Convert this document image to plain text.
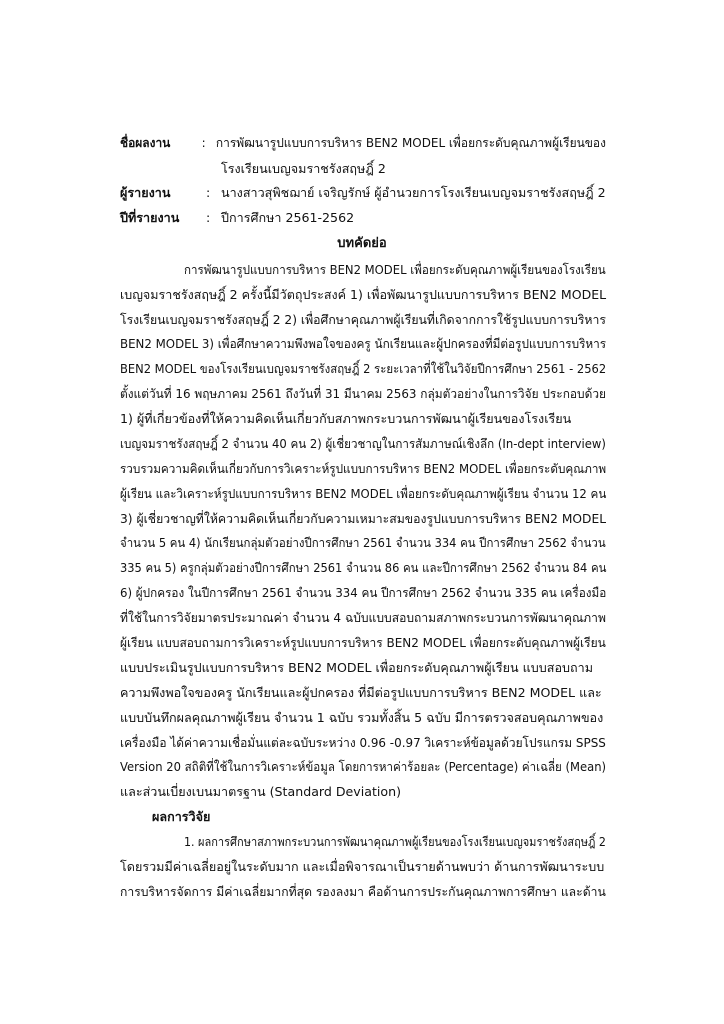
ชื่อผลงาน : การพัฒนารูปแบบการบริหาร BEN2 MODEL เพื่อยกระดับคุณภาพผู้เรียนของ
โรงเรียนเบญจมราชรังสฤษฎิ์ 2
ผู้รายงาน	: นางสาวสุพิชฌาย์ เจริญรักษ์ ผู้อำนวยการโรงเรียนเบญจมราชรังสฤษฎิ์ 2
ปีที่รายงาน : ปีการศึกษา 2561-2562
บทคัดย่อ
การพัฒนารูปแบบการบริหาร BEN2 MODEL เพื่อยกระดับคุณภาพผู้เรียนของโรงเรียน
เบญจมราชรังสฤษฎิ์ 2 ครั้งนี้มีวัตถุประสงค์ 1) เพื่อพัฒนารูปแบบการบริหาร BEN2 MODEL
โรงเรียนเบญจมราชรังสฤษฎิ์ 2 2) เพื่อศึกษาคุณภาพผู้เรียนที่เกิดจากการใช้รูปแบบการบริหาร
BEN2 MODEL 3) เพื่อศึกษาความพึงพอใจของครู นักเรียนและผู้ปกครองที่มีต่อรูปแบบการบริหาร
BEN2 MODEL ของโรงเรียนเบญจมราชรังสฤษฎิ์ 2 ระยะเวลาที่ใช้ในวิจัยปีการศึกษา 2561 - 2562
ตั้งแต่วันที่ 16 พฤษภาคม 2561 ถึงวันที่ 31 มีนาคม 2563 กลุ่มตัวอย่างในการวิจัย ประกอบด้วย
1) ผู้ที่เกี่ยวข้องที่ให้ความคิดเห็นเกี่ยวกับสภาพกระบวนการพัฒนาผู้เรียนของโรงเรียน
เบญจมราชรังสฤษฎิ์ 2 จำนวน 40 คน 2) ผู้เชี่ยวชาญในการสัมภาษณ์เชิงลึก (In-dept interview)
รวบรวมความคิดเห็นเกี่ยวกับการวิเคราะห์รูปแบบการบริหาร BEN2 MODEL เพื่อยกระดับคุณภาพ
ผู้เรียน และวิเคราะห์รูปแบบการบริหาร BEN2 MODEL เพื่อยกระดับคุณภาพผู้เรียน จำนวน 12 คน
3) ผู้เชี่ยวชาญที่ให้ความคิดเห็นเกี่ยวกับความเหมาะสมของรูปแบบการบริหาร BEN2 MODEL
จำนวน 5 คน 4) นักเรียนกลุ่มตัวอย่างปีการศึกษา 2561 จำนวน 334 คน ปีการศึกษา 2562 จำนวน
335 คน 5) ครูกลุ่มตัวอย่างปีการศึกษา 2561 จำนวน 86 คน และปีการศึกษา 2562 จำนวน 84 คน
6) ผู้ปกครอง ในปีการศึกษา 2561 จำนวน 334 คน ปีการศึกษา 2562 จำนวน 335 คน เครื่องมือ
ที่ใช้ในการวิจัยมาตรประมาณค่า จำนวน 4 ฉบับแบบสอบถามสภาพกระบวนการพัฒนาคุณภาพ
ผู้เรียน แบบสอบถามการวิเคราะห์รูปแบบการบริหาร BEN2 MODEL เพื่อยกระดับคุณภาพผู้เรียน
แบบประเมินรูปแบบการบริหาร BEN2 MODEL เพื่อยกระดับคุณภาพผู้เรียน แบบสอบถาม
ความพึงพอใจของครู นักเรียนและผู้ปกครอง ที่มีต่อรูปแบบการบริหาร BEN2 MODEL และ
แบบบันทึกผลคุณภาพผู้เรียน จำนวน 1 ฉบับ รวมทั้งสิ้น 5 ฉบับ มีการตรวจสอบคุณภาพของ
เครื่องมือ ได้ค่าความเชื่อมั่นแต่ละฉบับระหว่าง 0.96 -0.97 วิเคราะห์ข้อมูลด้วยโปรแกรม SPSS
Version 20 สถิติที่ใช้ในการวิเคราะห์ข้อมูล โดยการหาค่าร้อยละ (Percentage) ค่าเฉลี่ย (Mean)
และส่วนเบี่ยงเบนมาตรฐาน (Standard Deviation)
ผลการวิจัย
1. ผลการศึกษาสภาพกระบวนการพัฒนาคุณภาพผู้เรียนของโรงเรียนเบญจมราชรังสฤษฎิ์ 2
โดยรวมมีค่าเฉลี่ยอยู่ในระดับมาก และเมื่อพิจารณาเป็นรายด้านพบว่า ด้านการพัฒนาระบบ
การบริหารจัดการ มีค่าเฉลี่ยมากที่สุด รองลงมา คือด้านการประกันคุณภาพการศึกษา และด้าน
